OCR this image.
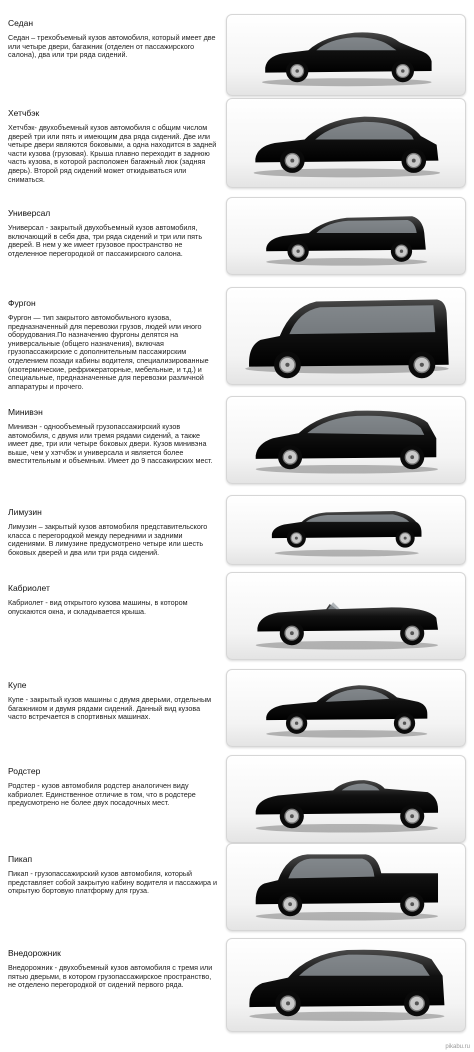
Седан
Седан – трехобъемный кузов автомобиля, который имеет две или четыре двери, багажник (отделен от пассажирского салона), два или три ряда сидений.
Хетчбэк
Хетчбэк- двухобъемный кузов автомобиля с общим числом дверей три или пять и имеющим два ряда сидений. Две или четыре двери являются боковыми, а одна находится в задней части кузова (грузовая). Крыша плавно переходит в заднюю часть кузова, в которой расположен багажный люк (задняя дверь). Второй ряд сидений может откидываться или сниматься.
Универсал
Универсал - закрытый двухобъемный кузов автомобиля, включающий в себя два, три ряда сидений и три или пять дверей. В нем у же имеет грузовое пространство не отделенное перегородкой от пассажирского салона.
Фургон
Фургон — тип закрытого автомобильного кузова, предназначенный для перевозки грузов, людей или иного оборудования.По назначению фургоны делятся на универсальные (общего назначения), включая грузопассажирские с дополнительным пассажирским отделением позади кабины водителя, специализированные (изотермические, рефрижераторные, мебельные, и т.д.) и специальные, предназначенные для перевозки различной аппаратуры и прочего.
Минивэн
Минивэн - однообъемный грузопассажирский кузов автомобиля, с двумя или тремя рядами сидений, а также имеет две, три или четыре боковых двери. Кузов минивэна выше, чем у хэтчбэк и универсала и является более вместительным и объемным. Имеет до 9 пассажирских мест.
Лимузин
Лимузин – закрытый кузов автомобиля представительского класса с перегородкой между передними и задними сидениями. В лимузине предусмотрено четыре или шесть боковых дверей и два или три ряда сидений.
Кабриолет
Кабриолет - вид открытого кузова машины, в котором опускаются окна, и складывается крыша.
Купе
Купе - закрытый кузов машины с двумя дверьми, отдельным багажником и двумя рядами сидений. Данный вид кузова часто встречается в спортивных машинах.
Родстер
Родстер - кузов автомобиля родстер аналогичен виду кабриолет. Единственное отличие в том, что в родстере предусмотрено не более двух посадочных мест.
Пикап
Пикап - грузопассажирский кузов автомобиля, который представляет собой закрытую кабину водителя и пассажира и открытую бортовую платформу для груза.
Внедорожник
Внедорожник - двухобъемный кузов автомобиля с тремя или пятью дверьми, в котором грузопассажирское пространство, не отделено перегородкой от сидений первого ряда.
pikabu.ru
